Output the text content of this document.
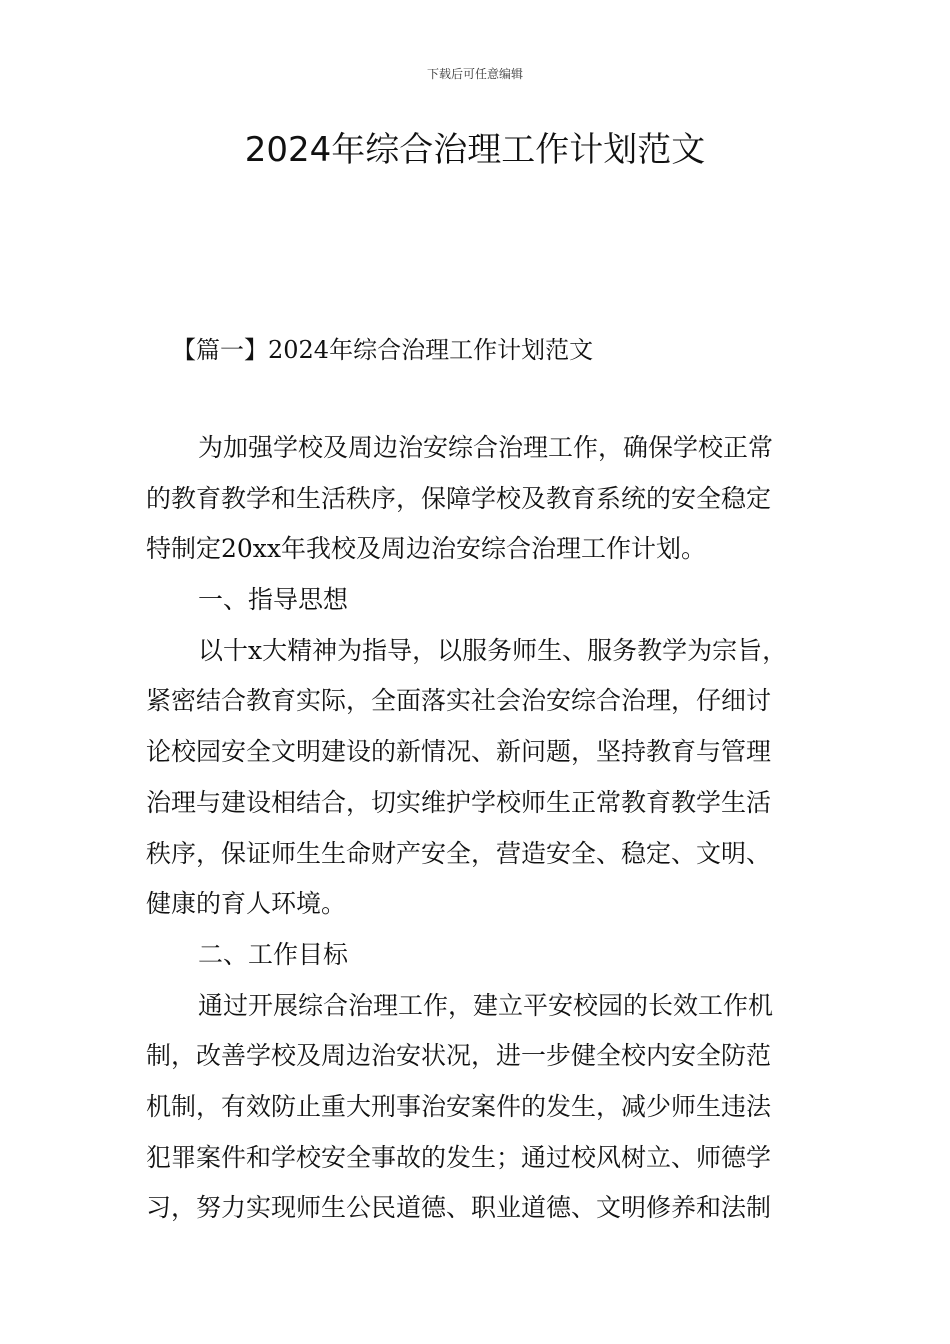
下载后可任意编辑
2024年综合治理工作计划范文
【篇一】2024年综合治理工作计划范文
为加强学校及周边治安综合治理工作，确保学校正常
的教育教学和生活秩序，保障学校及教育系统的安全稳定
特制定20xx年我校及周边治安综合治理工作计划。
一、指导思想
以十x大精神为指导，以服务师生、服务教学为宗旨，
紧密结合教育实际，全面落实社会治安综合治理，仔细讨
论校园安全文明建设的新情况、新问题，坚持教育与管理
治理与建设相结合，切实维护学校师生正常教育教学生活
秩序，保证师生生命财产安全，营造安全、稳定、文明、
健康的育人环境。
二、工作目标
通过开展综合治理工作，建立平安校园的长效工作机
制，改善学校及周边治安状况，进一步健全校内安全防范
机制，有效防止重大刑事治安案件的发生，减少师生违法
犯罪案件和学校安全事故的发生；通过校风树立、师德学
习，努力实现师生公民道德、职业道德、文明修养和法制
